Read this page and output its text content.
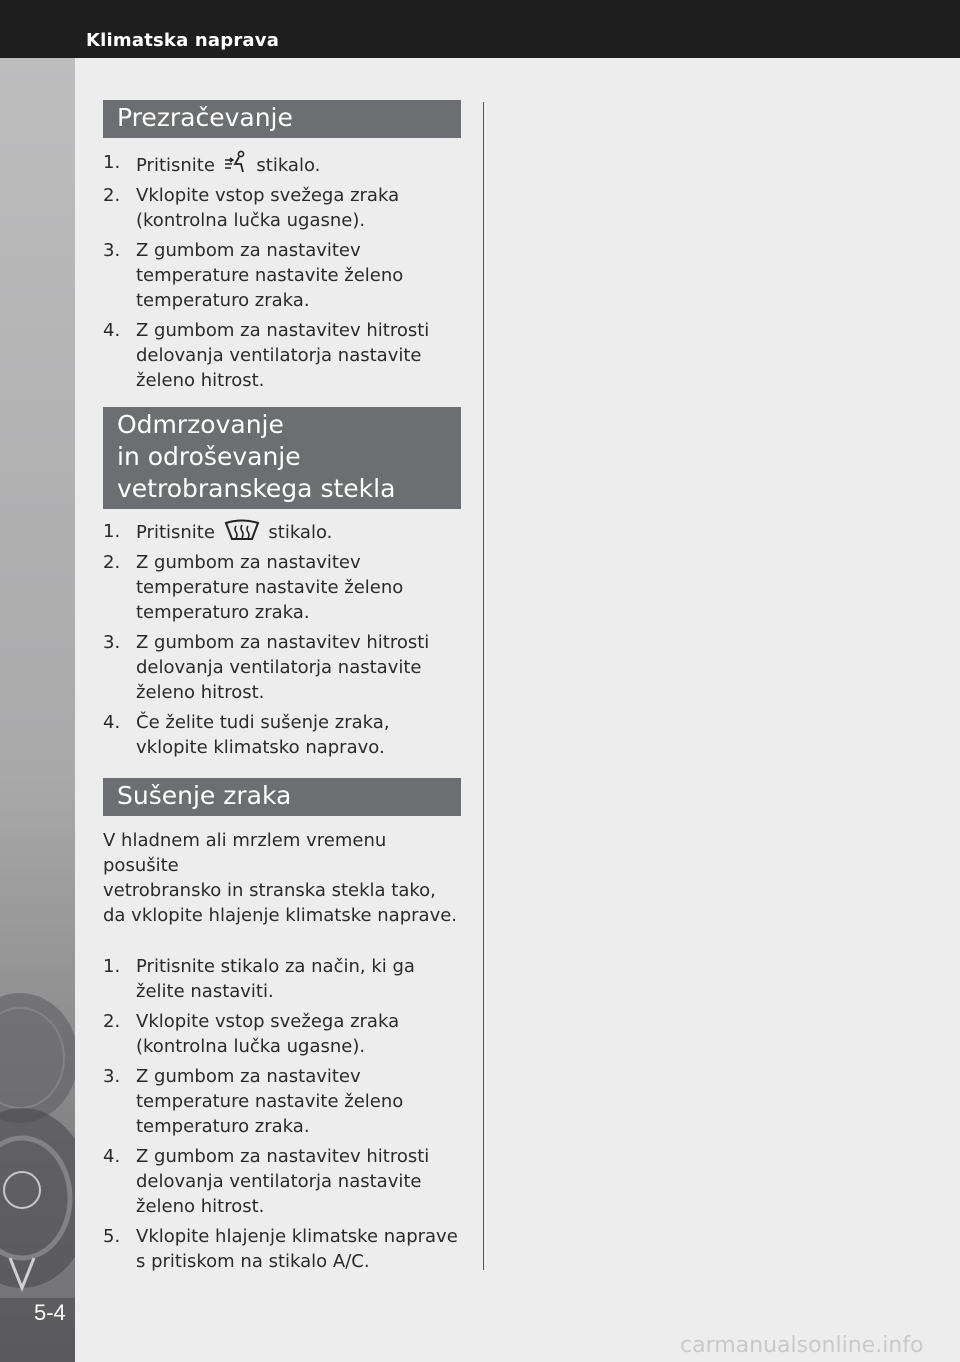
Klimatska naprava
5-4
Prezračevanje
1. Pritisnite stikalo.
2. Vklopite vstop svežega zraka
(kontrolna lučka ugasne).
3. Z gumbom za nastavitev
temperature nastavite želeno
temperaturo zraka.
4. Z gumbom za nastavitev hitrosti
delovanja ventilatorja nastavite
želeno hitrost.
Odmrzovanje
in odroševanje
vetrobranskega stekla
1. Pritisnite	stikalo.
2. Z gumbom za nastavitev
temperature nastavite želeno
temperaturo zraka.
3. Z gumbom za nastavitev hitrosti
delovanja ventilatorja nastavite
želeno hitrost.
4. Če želite tudi sušenje zraka,
vklopite klimatsko napravo.
Sušenje zraka
V hladnem ali mrzlem vremenu posušite
vetrobransko in stranska stekla tako,
da vklopite hlajenje klimatske naprave.
1. Pritisnite stikalo za način, ki ga
želite nastaviti.
2. Vklopite vstop svežega zraka
(kontrolna lučka ugasne).
3. Z gumbom za nastavitev
temperature nastavite želeno
temperaturo zraka.
4. Z gumbom za nastavitev hitrosti
delovanja ventilatorja nastavite
želeno hitrost.
5. Vklopite hlajenje klimatske naprave
s pritiskom na stikalo A/C.
carmanualsonline.info
